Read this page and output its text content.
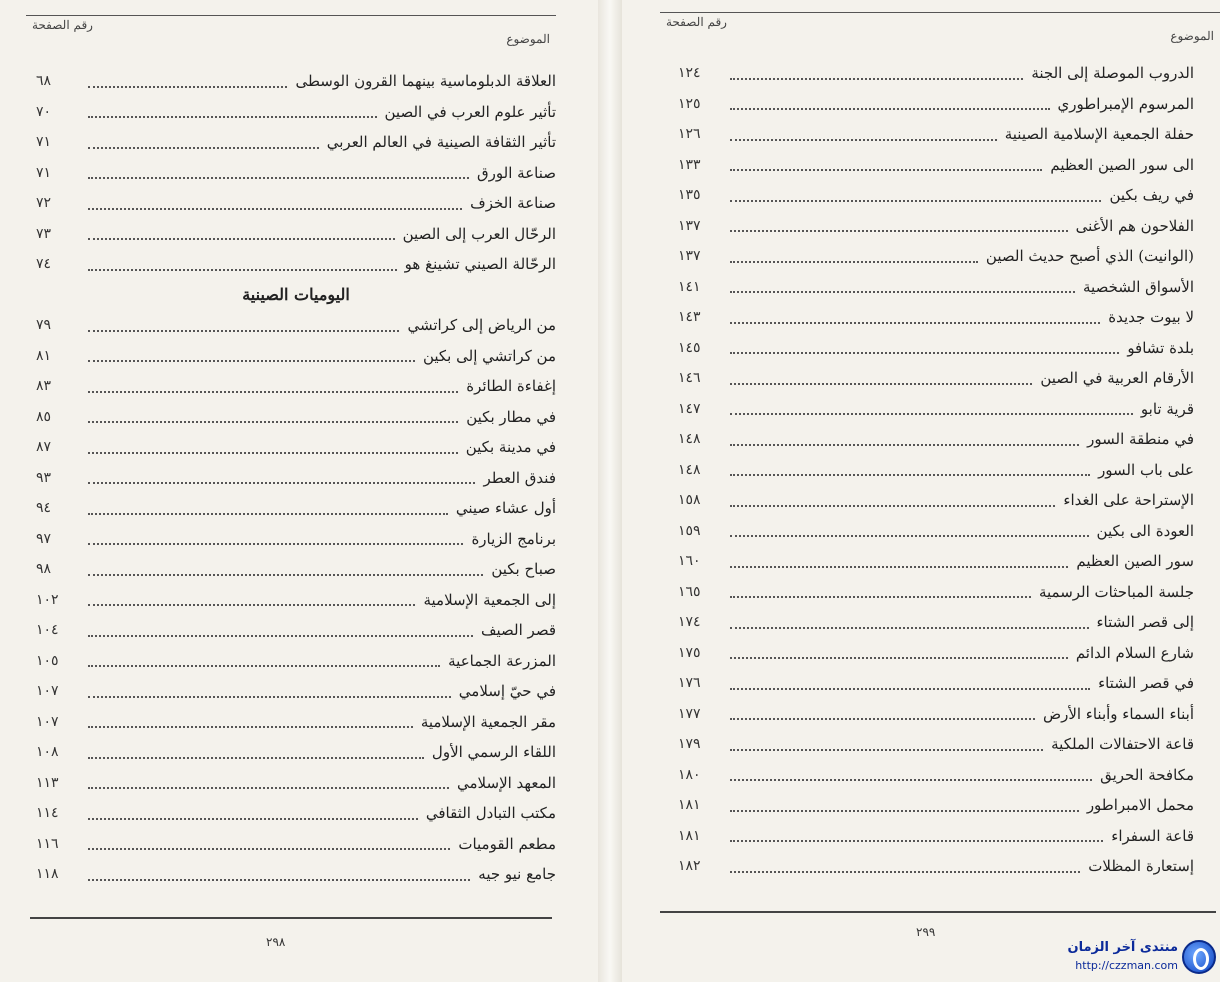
الموضوع
رقم الصفحة
العلاقة الدبلوماسية بينهما القرون الوسطى
٦٨
تأثير علوم العرب في الصين
٧٠
تأثير الثقافة الصينية في العالم العربي
٧١
صناعة الورق
٧١
صناعة الخزف
٧٢
الرحّال العرب إلى الصين
٧٣
الرحّالة الصيني تشينغ هو
٧٤
اليوميات الصينية
من الرياض إلى كراتشي
٧٩
من كراتشي إلى بكين
٨١
إغفاءة الطائرة
٨٣
في مطار بكين
٨٥
في مدينة بكين
٨٧
فندق العطر
٩٣
أول عشاء صيني
٩٤
برنامج الزيارة
٩٧
صباح بكين
٩٨
إلى الجمعية الإسلامية
١٠٢
قصر الصيف
١٠٤
المزرعة الجماعية
١٠٥
في حيّ إسلامي
١٠٧
مقر الجمعية الإسلامية
١٠٧
اللقاء الرسمي الأول
١٠٨
المعهد الإسلامي
١١٣
مكتب التبادل الثقافي
١١٤
مطعم القوميات
١١٦
جامع نيو جيه
١١٨
٢٩٨
الموضوع
رقم الصفحة
الدروب الموصلة إلى الجنة
١٢٤
المرسوم الإمبراطوري
١٢٥
حفلة الجمعية الإسلامية الصينية
١٢٦
الى سور الصين العظيم
١٣٣
في ريف بكين
١٣٥
الفلاحون هم الأغنى
١٣٧
(الوانيت) الذي أصبح حديث الصين
١٣٧
الأسواق الشخصية
١٤١
لا بيوت جديدة
١٤٣
بلدة تشافو
١٤٥
الأرقام العربية في الصين
١٤٦
قرية تابو
١٤٧
في منطقة السور
١٤٨
على باب السور
١٤٨
الإستراحة على الغداء
١٥٨
العودة الى بكين
١٥٩
سور الصين العظيم
١٦٠
جلسة المباحثات الرسمية
١٦٥
إلى قصر الشتاء
١٧٤
شارع السلام الدائم
١٧٥
في قصر الشتاء
١٧٦
أبناء السماء وأبناء الأرض
١٧٧
قاعة الاحتفالات الملكية
١٧٩
مكافحة الحريق
١٨٠
محمل الامبراطور
١٨١
قاعة السفراء
١٨١
إستعارة المظلات
١٨٢
٢٩٩
منتدى آخر الزمان
http://czzman.com
